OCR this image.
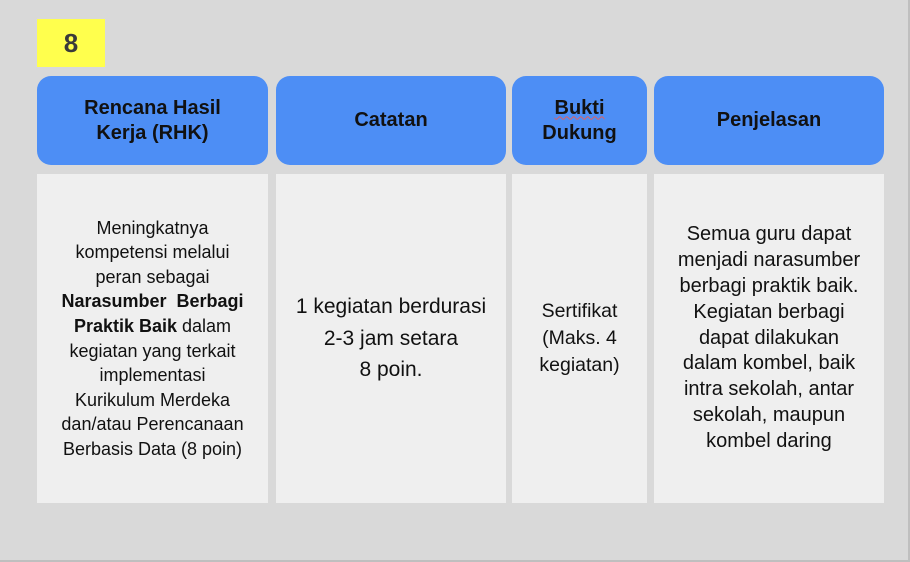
8
Rencana Hasil
Kerja (RHK)
Catatan
Bukti
Dukung
Penjelasan
Meningkatnya
kompetensi melalui
peran sebagai
Narasumber  Berbagi
Praktik Baik dalam
kegiatan yang terkait
implementasi
Kurikulum Merdeka
dan/atau Perencanaan
Berbasis Data (8 poin)
1 kegiatan berdurasi
2-3 jam setara
8 poin.
Sertifikat
(Maks. 4
kegiatan)
Semua guru dapat
menjadi narasumber
berbagi praktik baik.
Kegiatan berbagi
dapat dilakukan
dalam kombel, baik
intra sekolah, antar
sekolah, maupun
kombel daring
